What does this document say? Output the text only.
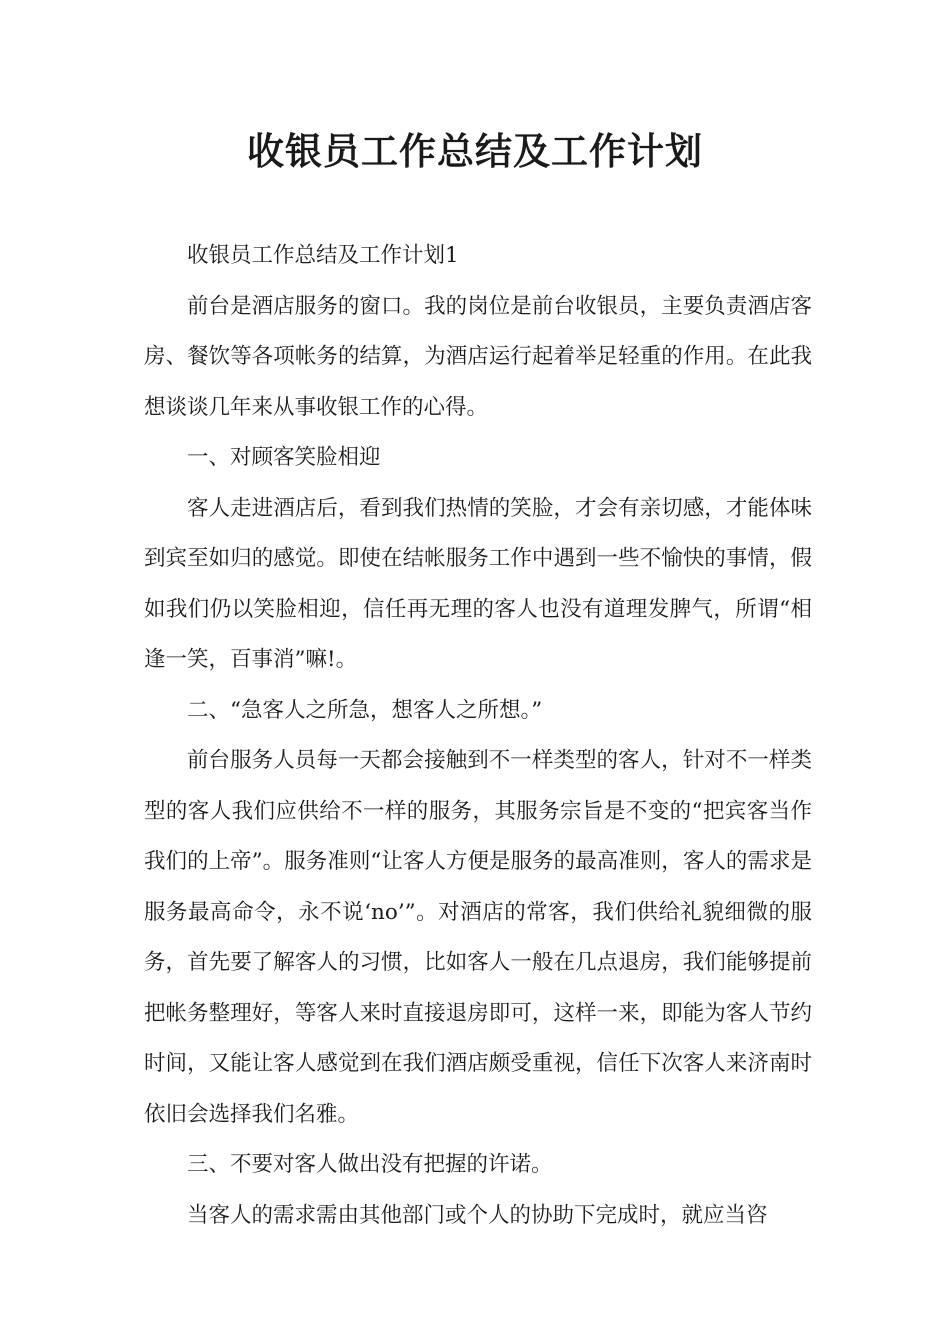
收银员工作总结及工作计划

收银员工作总结及工作计划1

前台是酒店服务的窗口。我的岗位是前台收银员，主要负责酒店客房、餐饮等各项帐务的结算，为酒店运行起着举足轻重的作用。在此我想谈谈几年来从事收银工作的心得。

一、对顾客笑脸相迎

客人走进酒店后，看到我们热情的笑脸，才会有亲切感，才能体味到宾至如归的感觉。即使在结帐服务工作中遇到一些不愉快的事情，假如我们仍以笑脸相迎，信任再无理的客人也没有道理发脾气，所谓“相逢一笑，百事消”嘛!。

二、“急客人之所急，想客人之所想。”

前台服务人员每一天都会接触到不一样类型的客人，针对不一样类型的客人我们应供给不一样的服务，其服务宗旨是不变的“把宾客当作我们的上帝”。服务准则“让客人方便是服务的最高准则，客人的需求是服务最高命令，永不说‘no’”。对酒店的常客，我们供给礼貌细微的服务，首先要了解客人的习惯，比如客人一般在几点退房，我们能够提前把帐务整理好，等客人来时直接退房即可，这样一来，即能为客人节约时间，又能让客人感觉到在我们酒店颇受重视，信任下次客人来济南时依旧会选择我们名雅。

三、不要对客人做出没有把握的许诺。

当客人的需求需由其他部门或个人的协助下完成时，就应当咨
